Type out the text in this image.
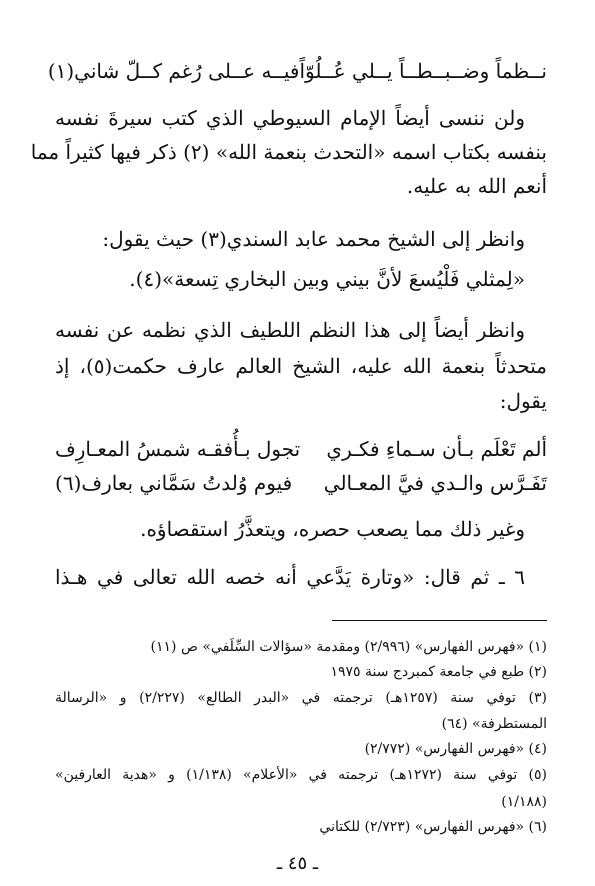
نــظماً وضــبــطــاً يــلي عُــلُوّاً
فيــه عــلى رُغم كــلّ شاني(١)
ولن ننسى أيضاً الإمام السيوطي الذي كتب سيرةَ نفسه
بنفسه بكتاب اسمه «التحدث بنعمة الله» (٢) ذكر فيها كثيراً مما
أنعم الله به عليه.
وانظر إلى الشيخ محمد عابد السندي(٣) حيث يقول:
«لِمثلي فَلْيُسعَ لأنَّ بيني وبين البخاري تِسعة»(٤).
وانظر أيضاً إلى هذا النظم اللطيف الذي نظمه عن نفسه
متحدثاً بنعمة الله عليه، الشيخ العالم عارف حكمت(٥)، إذ
يقول:
ألم تَعْلَم بـأن سـماءِ فكـري
تجول بـأُفقـه شمسُ المعـارِف
تَفَـرَّس والـدي فيَّ المعـالي
فيوم وُلدتُ سَمَّاني بعارف(٦)
وغير ذلك مما يصعب حصره، ويتعذَّرُ استقصاؤه.
٦ ـ ثم قال: «وتارة يَدَّعي أنه خصه الله تعالى في هـذا
(١) «فهرس الفهارس» (٢/٩٩٦) ومقدمة «سؤالات السِّلَفي» ص (١١)
(٢) طبع في جامعة كمبردج سنة ١٩٧٥
(٣) توفي سنة (١٢٥٧هـ) ترجمته في «البدر الطالع» (٢/٢٢٧) و «الرسالة
المستطرفة» (٦٤)
(٤) «فهرس الفهارس» (٢/٧٧٢)
(٥) توفي سنة (١٢٧٢هـ) ترجمته في «الأعلام» (١/١٣٨) و «هدية العارفين»
(١/١٨٨)
(٦) «فهرس الفهارس» (٢/٧٢٣) للكتاني
ـ ٤٥ ـ
